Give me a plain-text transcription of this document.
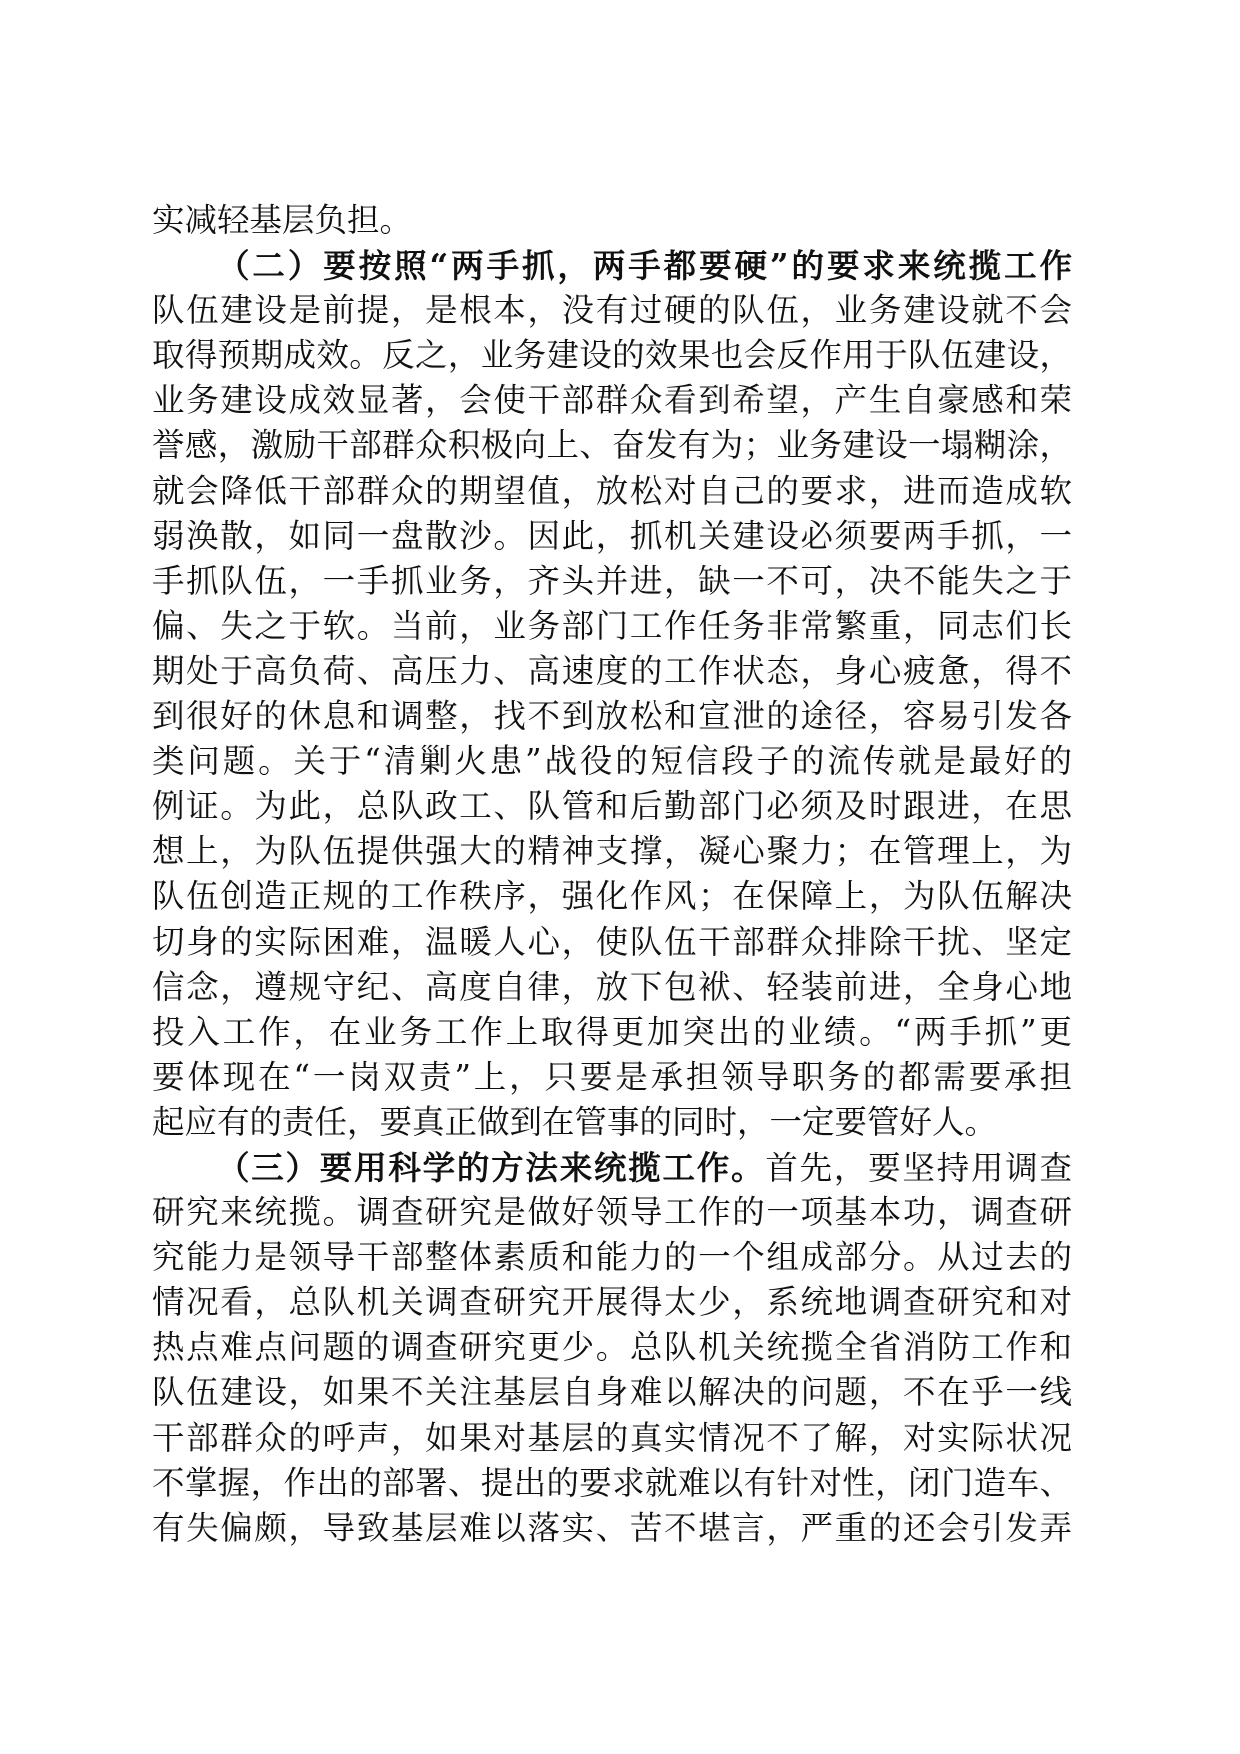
实减轻基层负担。
（二）要按照“两手抓，两手都要硬”的要求来统揽工作
队伍建设是前提，是根本，没有过硬的队伍，业务建设就不会
取得预期成效。反之，业务建设的效果也会反作用于队伍建设，
业务建设成效显著，会使干部群众看到希望，产生自豪感和荣
誉感，激励干部群众积极向上、奋发有为；业务建设一塌糊涂，
就会降低干部群众的期望值，放松对自己的要求，进而造成软
弱涣散，如同一盘散沙。因此，抓机关建设必须要两手抓，一
手抓队伍，一手抓业务，齐头并进，缺一不可，决不能失之于
偏、失之于软。当前，业务部门工作任务非常繁重，同志们长
期处于高负荷、高压力、高速度的工作状态，身心疲惫，得不
到很好的休息和调整，找不到放松和宣泄的途径，容易引发各
类问题。关于“清剿火患”战役的短信段子的流传就是最好的
例证。为此，总队政工、队管和后勤部门必须及时跟进，在思
想上，为队伍提供强大的精神支撑，凝心聚力；在管理上，为
队伍创造正规的工作秩序，强化作风；在保障上，为队伍解决
切身的实际困难，温暖人心，使队伍干部群众排除干扰、坚定
信念，遵规守纪、高度自律，放下包袱、轻装前进，全身心地
投入工作，在业务工作上取得更加突出的业绩。“两手抓”更
要体现在“一岗双责”上，只要是承担领导职务的都需要承担
起应有的责任，要真正做到在管事的同时，一定要管好人。
（三）要用科学的方法来统揽工作。首先，要坚持用调查
研究来统揽。调查研究是做好领导工作的一项基本功，调查研
究能力是领导干部整体素质和能力的一个组成部分。从过去的
情况看，总队机关调查研究开展得太少，系统地调查研究和对
热点难点问题的调查研究更少。总队机关统揽全省消防工作和
队伍建设，如果不关注基层自身难以解决的问题，不在乎一线
干部群众的呼声，如果对基层的真实情况不了解，对实际状况
不掌握，作出的部署、提出的要求就难以有针对性，闭门造车、
有失偏颇，导致基层难以落实、苦不堪言，严重的还会引发弄
